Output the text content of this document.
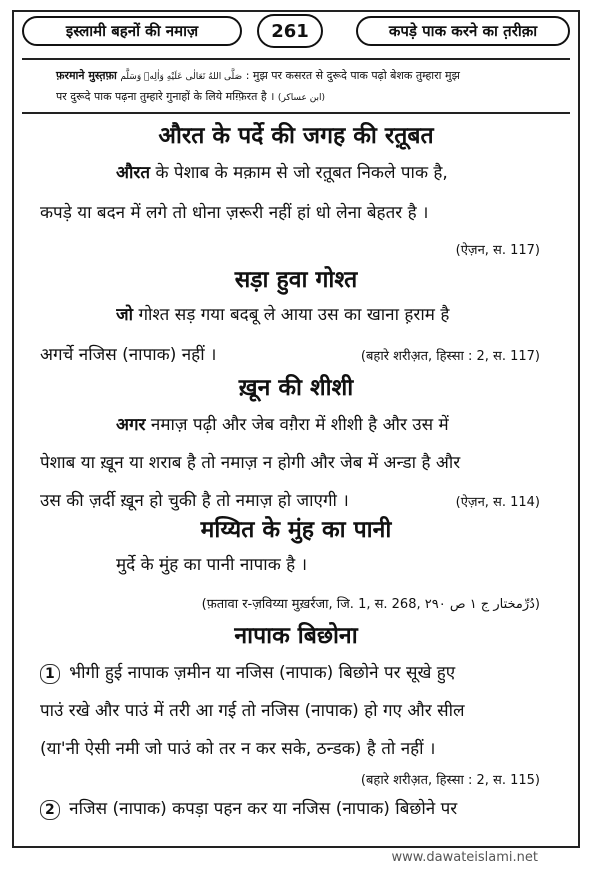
इस्लामी बहनों की नमाज़	261	कपड़े पाक करने का त़रीक़ा
फ़रमाने मुस्त़फ़ा صَلَّى اللهُ تَعَالٰى عَلَيْهِ وَاٰلِهٖ وَسَلَّم : मुझ पर कसरत से दुरूदे पाक पढ़ो बेशक तुम्हारा मुझ
पर दुरूदे पाक पढ़ना तुम्हारे गुनाहों के लिये मग़्फ़िरत है । (ابن عساکر)
औरत के पर्दे की जगह की रत़ूबत
औरत के पेशाब के मक़ाम से जो रत़ूबत निकले पाक है,
कपड़े या बदन में लगे तो धोना ज़रूरी नहीं हां धो लेना बेहतर है ।
(ऐज़न, स. 117)
सड़ा हुवा गोश्त
जो गोश्त सड़ गया बदबू ले आया उस का खाना ह़राम है
अगर्चे नजिस (नापाक) नहीं ।	(बहारे शरीअ़त, हिस्सा : 2, स. 117)
ख़ून की शीशी
अगर नमाज़ पढ़ी और जेब वग़ैरा में शीशी है और उस में
पेशाब या ख़ून या शराब है तो नमाज़ न होगी और जेब में अन्डा है और
उस की ज़र्दी ख़ून हो चुकी है तो नमाज़ हो जाएगी ।	(ऐज़न, स. 114)
मय्यित के मुंह का पानी
मुर्दे के मुंह का पानी नापाक है ।
(फ़तावा र-ज़विय्या मुख़र्रजा, जि. 1, स. 268, دُرِّمختار ج ۱ ص ۲۹۰)
नापाक बिछोना
1 भीगी हुई नापाक ज़मीन या नजिस (नापाक) बिछोने पर सूखे हुए
पाउं रखे और पाउं में तरी आ गई तो नजिस (नापाक) हो गए और सील
(या'नी ऐसी नमी जो पाउं को तर न कर सके, ठन्डक) है तो नहीं ।
(बहारे शरीअ़त, हिस्सा : 2, स. 115)
2 नजिस (नापाक) कपड़ा पहन कर या नजिस (नापाक) बिछोने पर
www.dawateislami.net
